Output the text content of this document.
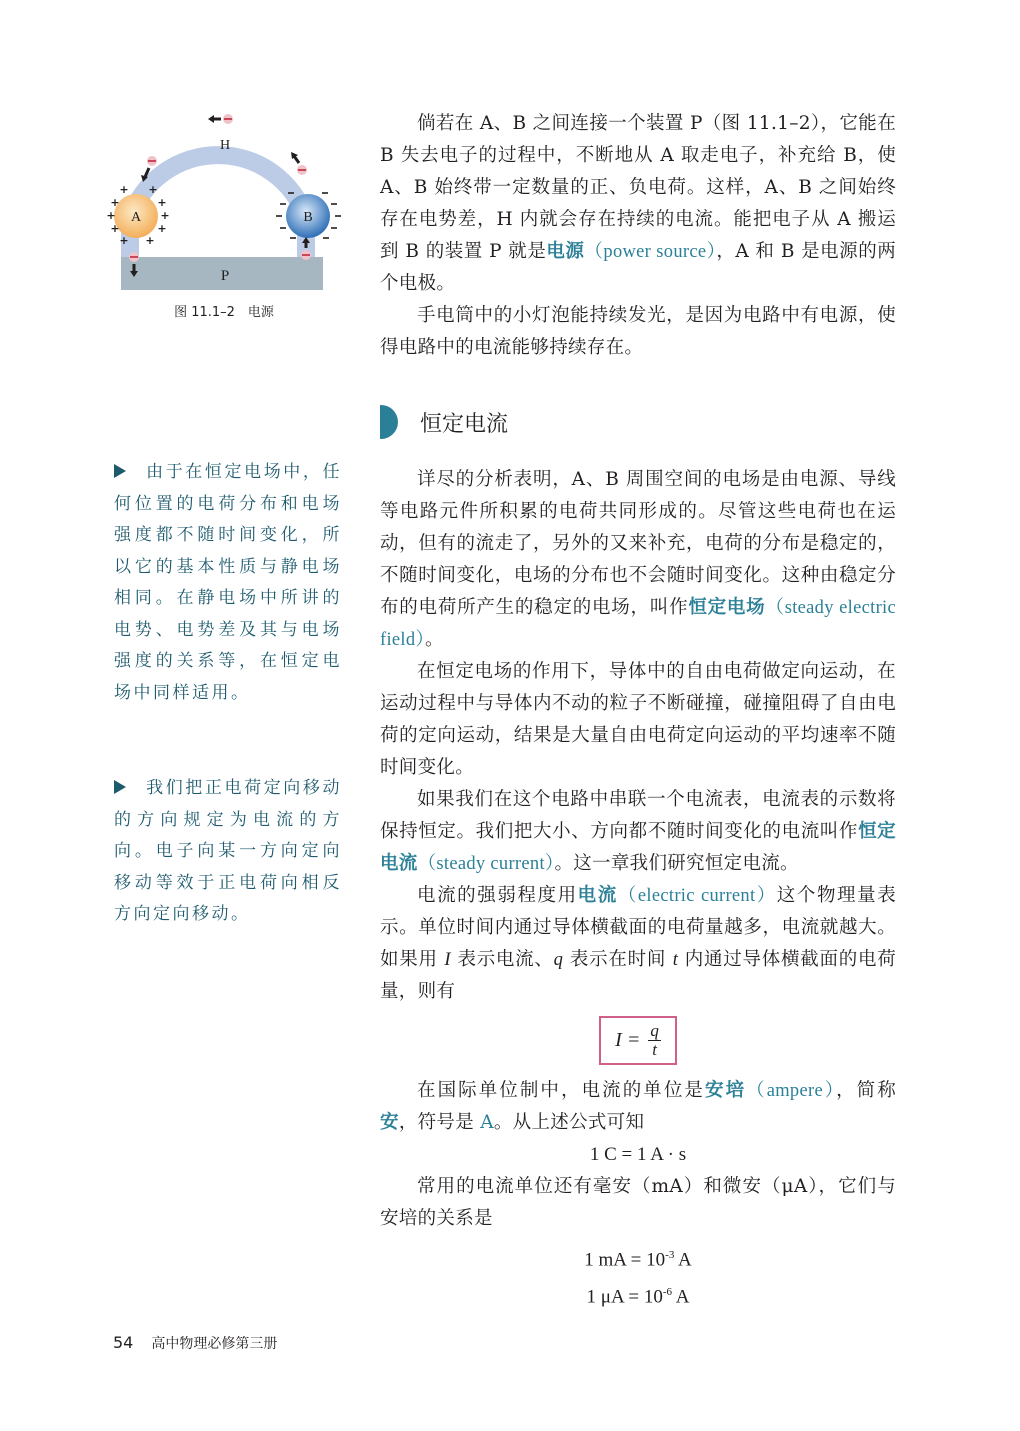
P
H
A
+ +
+	+
+	+
+	+
+ +
B
图 11.1–2　电源

倘若在 A、B 之间连接一个装置 P（图 11.1–2），它能在 B 失去电子的过程中，不断地从 A 取走电子，补充给 B，使 A、B 始终带一定数量的正、负电荷。这样，A、B 之间始终存在电势差，H 内就会存在持续的电流。能把电子从 A 搬运到 B 的装置 P 就是电源（power source），A 和 B 是电源的两个电极。

手电筒中的小灯泡能持续发光，是因为电路中有电源，使得电路中的电流能够持续存在。

恒定电流

详尽的分析表明，A、B 周围空间的电场是由电源、导线等电路元件所积累的电荷共同形成的。尽管这些电荷也在运动，但有的流走了，另外的又来补充，电荷的分布是稳定的，不随时间变化，电场的分布也不会随时间变化。这种由稳定分布的电荷所产生的稳定的电场，叫作恒定电场（steady electric field）。

在恒定电场的作用下，导体中的自由电荷做定向运动，在运动过程中与导体内不动的粒子不断碰撞，碰撞阻碍了自由电荷的定向运动，结果是大量自由电荷定向运动的平均速率不随时间变化。

如果我们在这个电路中串联一个电流表，电流表的示数将保持恒定。我们把大小、方向都不随时间变化的电流叫作恒定电流（steady current）。这一章我们研究恒定电流。

电流的强弱程度用电流（electric current）这个物理量表示。单位时间内通过导体横截面的电荷量越多，电流就越大。如果用 I 表示电流、q 表示在时间 t 内通过导体横截面的电荷量，则有

$I = \frac{q}{t}$

在国际单位制中，电流的单位是安培（ampere），简称安，符号是 A。从上述公式可知

1 C = 1 A · s

常用的电流单位还有毫安（mA）和微安（μA），它们与安培的关系是

1 mA = $10^{-3}$ A
1 $\mu A = 10^{-6}$ A
由于在恒定电场中，任何位置的电荷分布和电场强度都不随时间变化，所以它的基本性质与静电场相同。在静电场中所讲的电势、电势差及其与电场强度的关系等，在恒定电场中同样适用。
我们把正电荷定向移动的方向规定为电流的方向。电子向某一方向定向移动等效于正电荷向相反方向定向移动。
54 高中物理必修第三册
